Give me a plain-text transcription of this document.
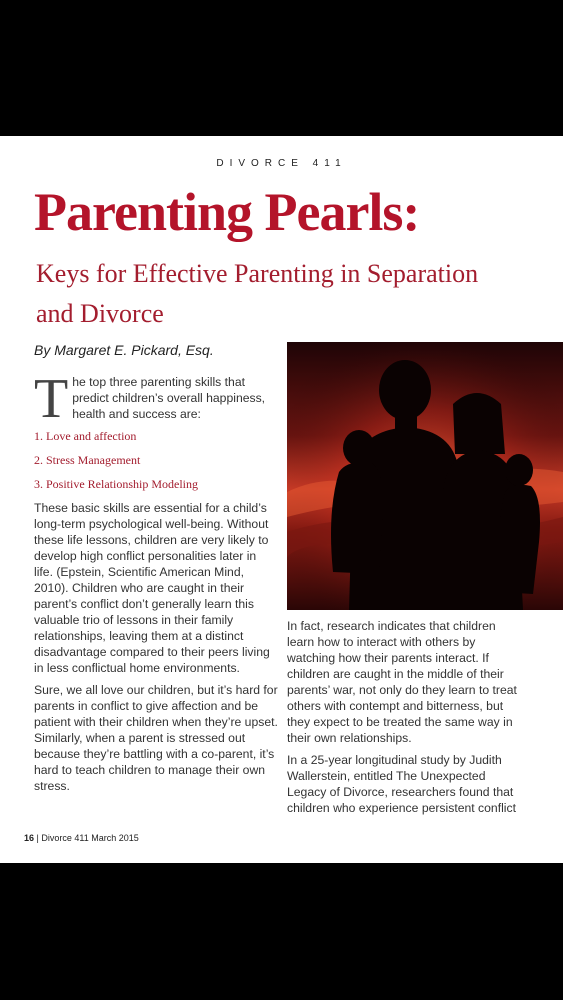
DIVORCE 411
Parenting Pearls:
Keys for Effective Parenting in Separation and Divorce
By Margaret E. Pickard, Esq.
T he top three parenting skills that predict children’s overall happiness, health and success are:
1. Love and affection
2. Stress Management
3. Positive Relationship Modeling

These basic skills are essential for a child’s long-term psychological well-being. Without these life lessons, children are very likely to develop high conflict personalities later in life. (Epstein, Scientific American Mind, 2010). Children who are caught in their parent’s conflict don’t generally learn this valuable trio of lessons in their family relationships, leaving them at a distinct disadvantage compared to their peers living in less conflictual home environments.

Sure, we all love our children, but it’s hard for parents in conflict to give affection and be patient with their children when they’re upset. Similarly, when a parent is stressed out because they’re battling with a co-parent, it’s hard to teach children to manage their own stress.

In fact, research indicates that children learn how to interact with others by watching how their parents interact. If children are caught in the middle of their parents’ war, not only do they learn to treat others with contempt and bitterness, but they expect to be treated the same way in their own relationships.

In a 25-year longitudinal study by Judith Wallerstein, entitled The Unexpected Legacy of Divorce, researchers found that children who experience persistent conflict

16 | Divorce 411 March 2015
